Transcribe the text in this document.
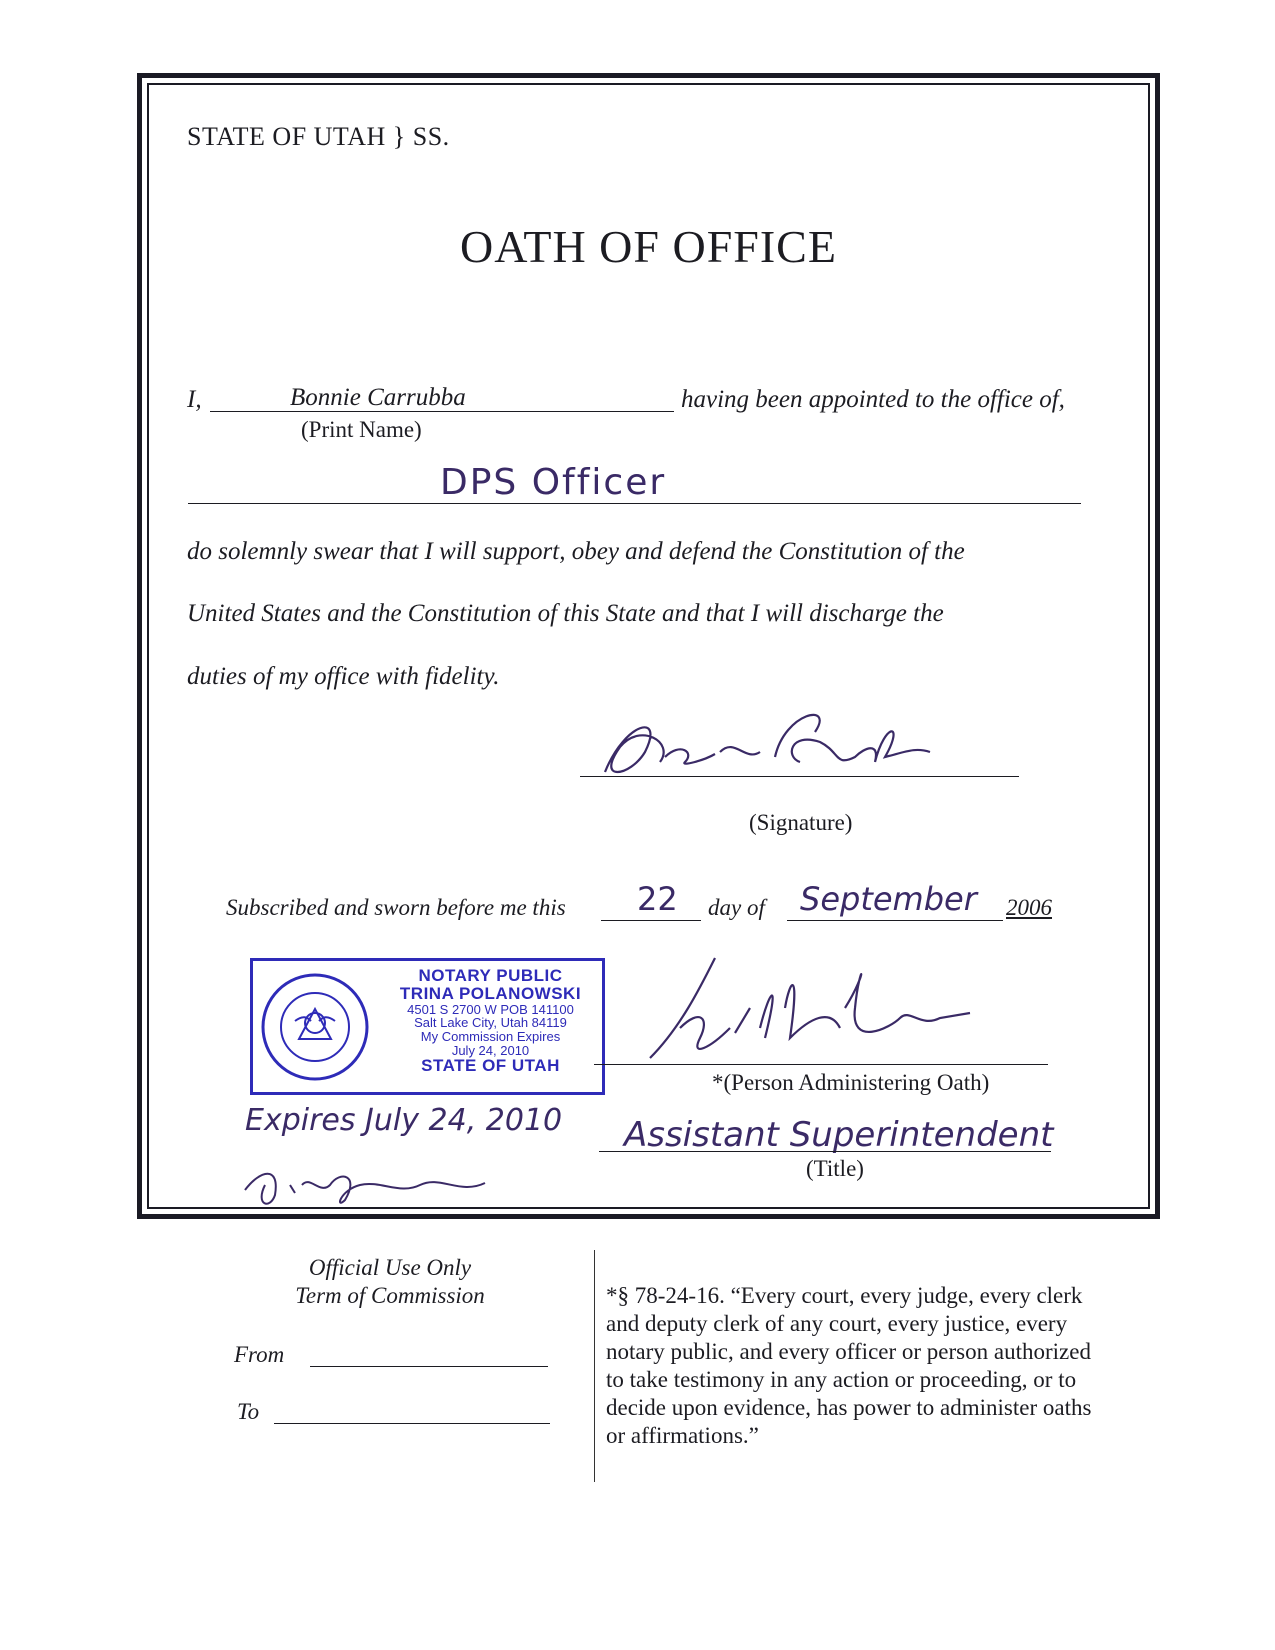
STATE OF UTAH } SS.
OATH OF OFFICE
I,	Bonnie Carrubba
(Print Name)
having been appointed to the office of,
DPS Officer
do solemnly swear that I will support, obey and defend the Constitution of the
United States and the Constitution of this State and that I will discharge the
duties of my office with fidelity.
(Signature)
Subscribed and sworn before me this 22 day of September 2006
NOTARY PUBLIC
TRINA POLANOWSKI
4501 S 2700 W POB 141100
Salt Lake City, Utah 84119
My Commission Expires
July 24, 2010
STATE OF UTAH
*(Person Administering Oath)
Assistant Superintendent
(Title)
Expires July 24, 2010
Official Use Only
Term of Commission
From
To
*§ 78-24-16. “Every court, every judge, every clerk and deputy clerk of any court, every justice, every notary public, and every officer or person authorized to take testimony in any action or proceeding, or to decide upon evidence, has power to administer oaths or affirmations.”
